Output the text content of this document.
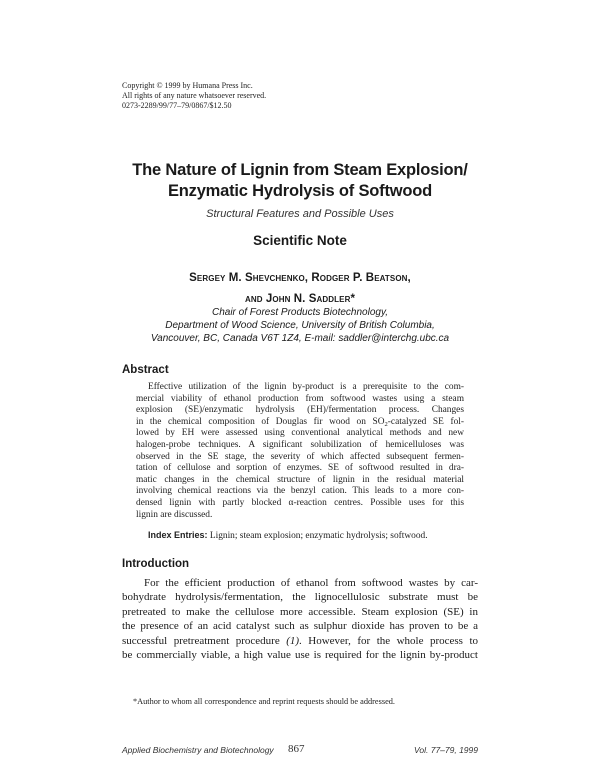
Copyright © 1999 by Humana Press Inc.
All rights of any nature whatsoever reserved.
0273-2289/99/77–79/0867/$12.50
The Nature of Lignin from Steam Explosion/
Enzymatic Hydrolysis of Softwood
Structural Features and Possible Uses
Scientific Note
Sergey M. Shevchenko, Rodger P. Beatson,
and John N. Saddler*
Chair of Forest Products Biotechnology,
Department of Wood Science, University of British Columbia,
Vancouver, BC, Canada V6T 1Z4, E-mail: saddler@interchg.ubc.ca
Abstract
Effective utilization of the lignin by-product is a prerequisite to the com-
mercial viability of ethanol production from softwood wastes using a steam
explosion (SE)/enzymatic hydrolysis (EH)/fermentation process. Changes
in the chemical composition of Douglas fir wood on $SO_2$-catalyzed SE fol-
lowed by EH were assessed using conventional analytical methods and new
halogen-probe techniques. A significant solubilization of hemicelluloses was
observed in the SE stage, the severity of which affected subsequent fermen-
tation of cellulose and sorption of enzymes. SE of softwood resulted in dra-
matic changes in the chemical structure of lignin in the residual material
involving chemical reactions via the benzyl cation. This leads to a more con-
densed lignin with partly blocked α-reaction centres. Possible uses for this
lignin are discussed.
Index Entries: Lignin; steam explosion; enzymatic hydrolysis; softwood.
Introduction
For the efficient production of ethanol from softwood wastes by car-
bohydrate hydrolysis/fermentation, the lignocellulosic substrate must be
pretreated to make the cellulose more accessible. Steam explosion (SE) in
the presence of an acid catalyst such as sulphur dioxide has proven to be a
successful pretreatment procedure (1). However, for the whole process to
be commercially viable, a high value use is required for the lignin by-product
*Author to whom all correspondence and reprint requests should be addressed.
Applied Biochemistry and Biotechnology 867	Vol. 77–79, 1999
